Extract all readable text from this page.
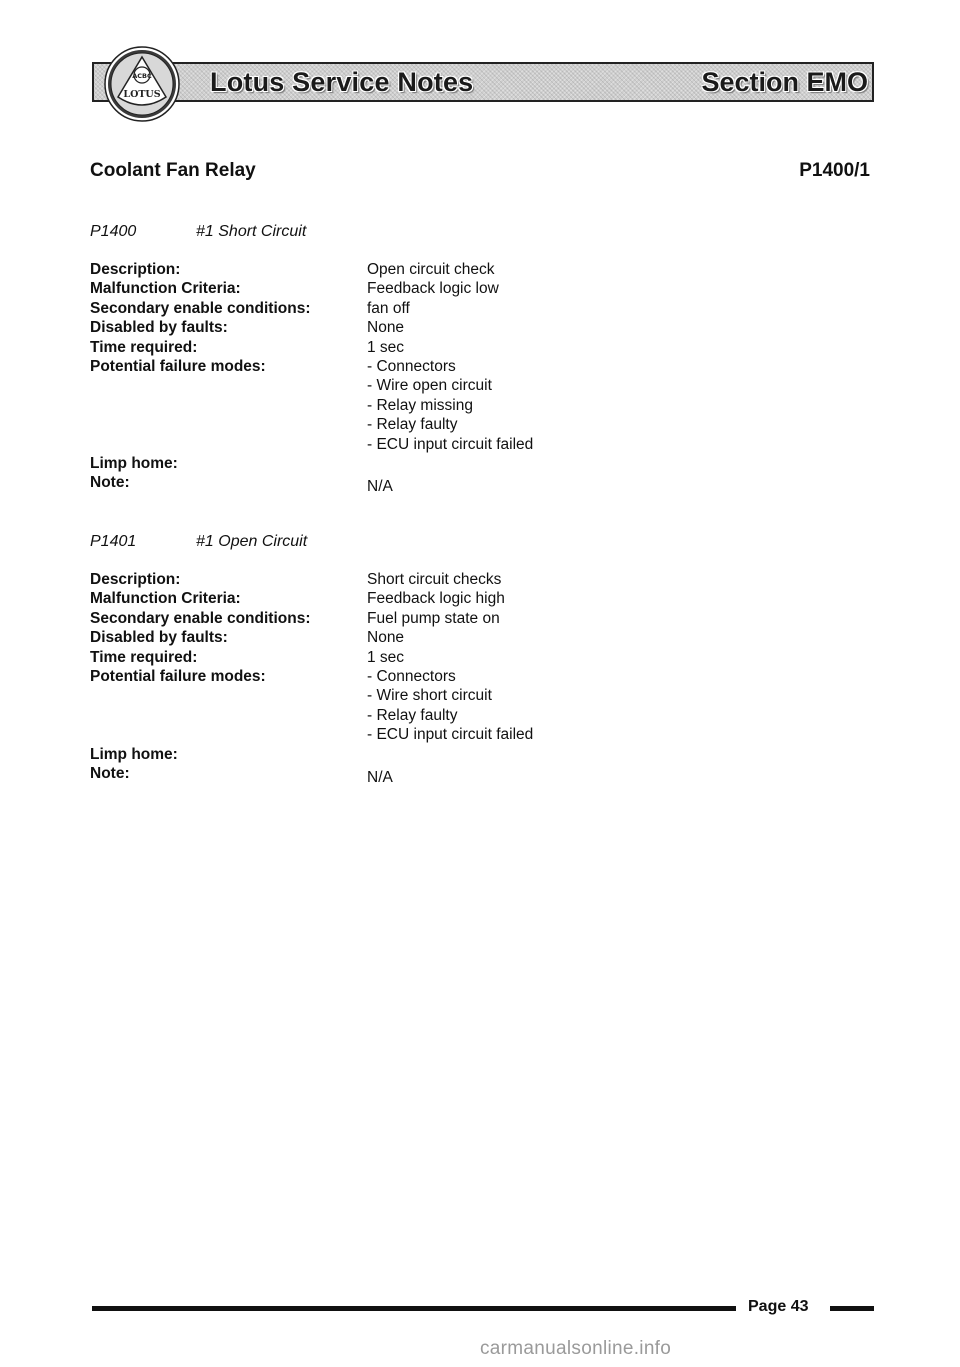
Lotus Service Notes	Section EMO
ACBC
LOTUS
Coolant Fan Relay	P1400/1
P1400	#1 Short Circuit
Description:	Open circuit check
Malfunction Criteria:	Feedback logic low
Secondary enable conditions:	fan off
Disabled by faults:	None
Time required:	1 sec
Potential failure modes:	- Connectors
- Wire open circuit
- Relay missing
- Relay faulty
- ECU input circuit failed
Limp home:
Note:	N/A
P1401	#1 Open Circuit
Description:	Short circuit checks
Malfunction Criteria:	Feedback logic high
Secondary enable conditions:	Fuel pump state on
Disabled by faults:	None
Time required:	1 sec
Potential failure modes:	- Connectors
- Wire short circuit
- Relay faulty
- ECU input circuit failed
Limp home:
Note:	N/A
Page 43
carmanualsonline.info
